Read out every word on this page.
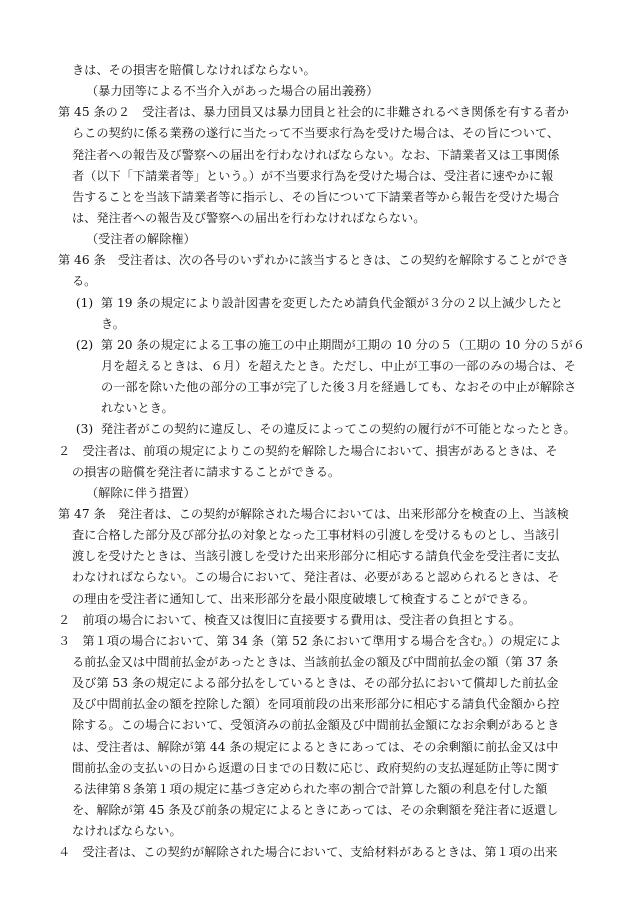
きは、その損害を賠償しなければならない。
（暴力団等による不当介入があった場合の届出義務）
第 45 条の２　受注者は、暴力団員又は暴力団員と社会的に非難されるべき関係を有する者か
らこの契約に係る業務の遂行に当たって不当要求行為を受けた場合は、その旨について、
発注者への報告及び警察への届出を行わなければならない。なお、下請業者又は工事関係
者（以下「下請業者等」という。）が不当要求行為を受けた場合は、受注者に速やかに報
告することを当該下請業者等に指示し、その旨について下請業者等から報告を受けた場合
は、発注者への報告及び警察への届出を行わなければならない。
（受注者の解除権）
第 46 条　受注者は、次の各号のいずれかに該当するときは、この契約を解除することができ
る。
(1)  第 19 条の規定により設計図書を変更したため請負代金額が３分の２以上減少したと
き。
(2)  第 20 条の規定による工事の施工の中止期間が工期の 10 分の５（工期の 10 分の５が６
月を超えるときは、６月）を超えたとき。ただし、中止が工事の一部のみの場合は、そ
の一部を除いた他の部分の工事が完了した後３月を経過しても、なおその中止が解除さ
れないとき。
(3)  発注者がこの契約に違反し、その違反によってこの契約の履行が不可能となったとき。
２　受注者は、前項の規定によりこの契約を解除した場合において、損害があるときは、そ
の損害の賠償を発注者に請求することができる。
（解除に伴う措置）
第 47 条　発注者は、この契約が解除された場合においては、出来形部分を検査の上、当該検
査に合格した部分及び部分払の対象となった工事材料の引渡しを受けるものとし、当該引
渡しを受けたときは、当該引渡しを受けた出来形部分に相応する請負代金を受注者に支払
わなければならない。この場合において、発注者は、必要があると認められるときは、そ
の理由を受注者に通知して、出来形部分を最小限度破壊して検査することができる。
２　前項の場合において、検査又は復旧に直接要する費用は、受注者の負担とする。
３　第１項の場合において、第 34 条（第 52 条において準用する場合を含む。）の規定によ
る前払金又は中間前払金があったときは、当該前払金の額及び中間前払金の額（第 37 条
及び第 53 条の規定による部分払をしているときは、その部分払において償却した前払金
及び中間前払金の額を控除した額）を同項前段の出来形部分に相応する請負代金額から控
除する。この場合において、受領済みの前払金額及び中間前払金額になお余剰があるとき
は、受注者は、解除が第 44 条の規定によるときにあっては、その余剰額に前払金又は中
間前払金の支払いの日から返還の日までの日数に応じ、政府契約の支払遅延防止等に関す
る法律第８条第１項の規定に基づき定められた率の割合で計算した額の利息を付した額
を、解除が第 45 条及び前条の規定によるときにあっては、その余剰額を発注者に返還し
なければならない。
４　受注者は、この契約が解除された場合において、支給材料があるときは、第１項の出来
